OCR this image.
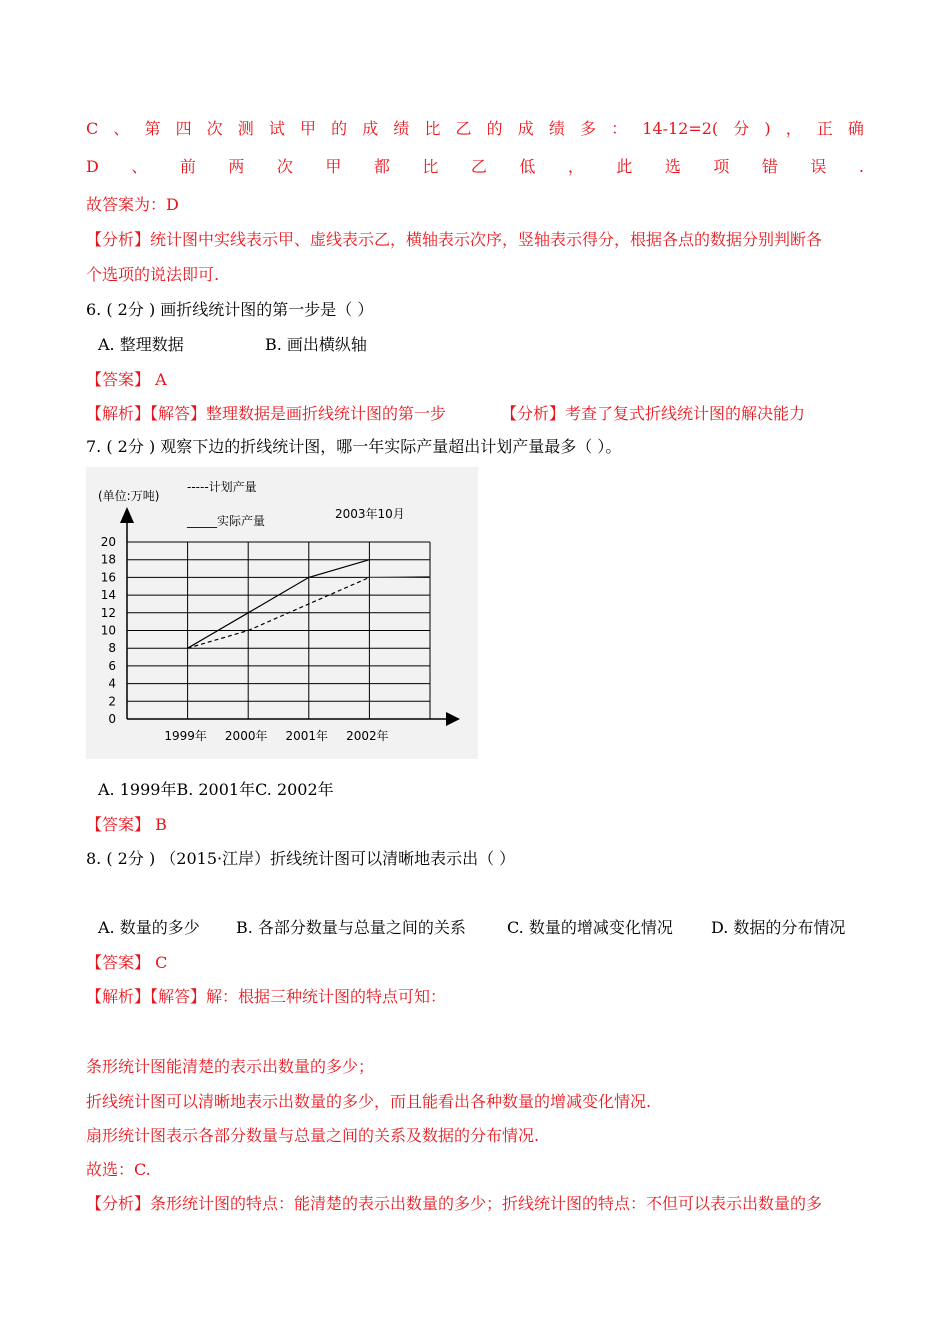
C 、 第 四 次 测 试 甲 的 成 绩 比 乙 的 成 绩 多 ： 14-12=2( 分 ) ， 正 确
D 、 前 两 次 甲 都 比 乙 低 ， 此 选 项 错 误 .
故答案为：D
【分析】统计图中实线表示甲、虚线表示乙，横轴表示次序，竖轴表示得分，根据各点的数据分别判断各
个选项的说法即可.
6. ( 2分 ) 画折线统计图的第一步是（ ）
A. 整理数据	B. 画出横纵轴
【答案】 A
【解析】【解答】整理数据是画折线统计图的第一步	【分析】考查了复式折线统计图的解决能力
7. ( 2分 ) 观察下边的折线统计图，哪一年实际产量超出计划产量最多（ ）。
(单位:万吨)
-----计划产量
_____实际产量	2003年10月
0
2
4
6
8
10
12
14
16
18
20
1999年 2000年 2001年 2002年
A. 1999年B. 2001年C. 2002年
【答案】 B
8. ( 2分 ) （2015·江岸）折线统计图可以清晰地表示出（ ）
A. 数量的多少 B. 各部分数量与总量之间的关系	C. 数量的增减变化情况 D. 数据的分布情况
【答案】 C
【解析】【解答】解：根据三种统计图的特点可知：
条形统计图能清楚的表示出数量的多少；
折线统计图可以清晰地表示出数量的多少，而且能看出各种数量的增减变化情况.
扇形统计图表示各部分数量与总量之间的关系及数据的分布情况.
故选：C.
【分析】条形统计图的特点：能清楚的表示出数量的多少；折线统计图的特点：不但可以表示出数量的多
